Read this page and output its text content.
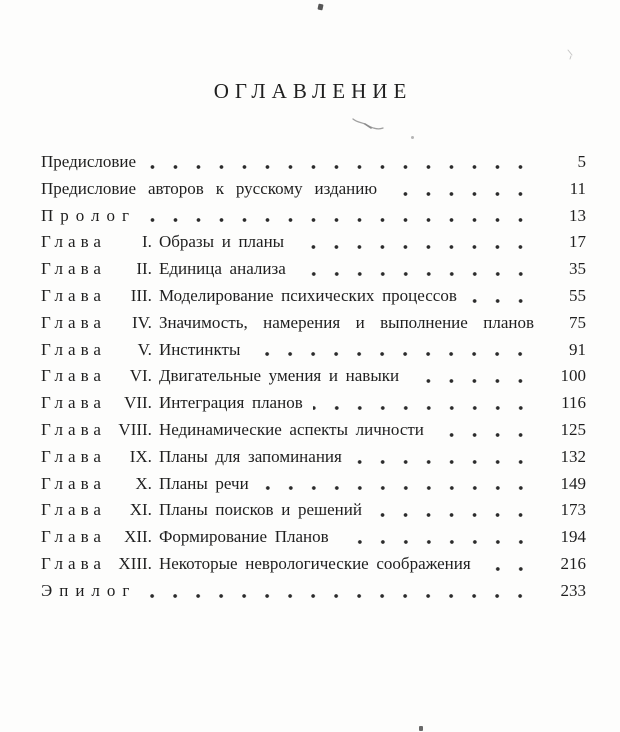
ОГЛАВЛЕНИЕ
Предисловие	5
Предисловие авторов к русскому изданию	11
Пролог	13
Глава	I. Образы и планы	17
Глава	II. Единица анализа	35
Глава	III. Моделирование психических процессов	55
Глава	IV. Значимость, намерения и выполнение планов	75
Глава	V. Инстинкты	91
Глава	VI. Двигательные умения и навыки	100
Глава	VII. Интеграция планов	116
Глава VIII. Нединамические аспекты личности	125
Глава	IX. Планы для запоминания	132
Глава	X. Планы речи	149
Глава	XI. Планы поисков и решений	173
Глава	XII. Формирование Планов	194
Глава XIII. Некоторые неврологические соображения	216
Эпилог	233
